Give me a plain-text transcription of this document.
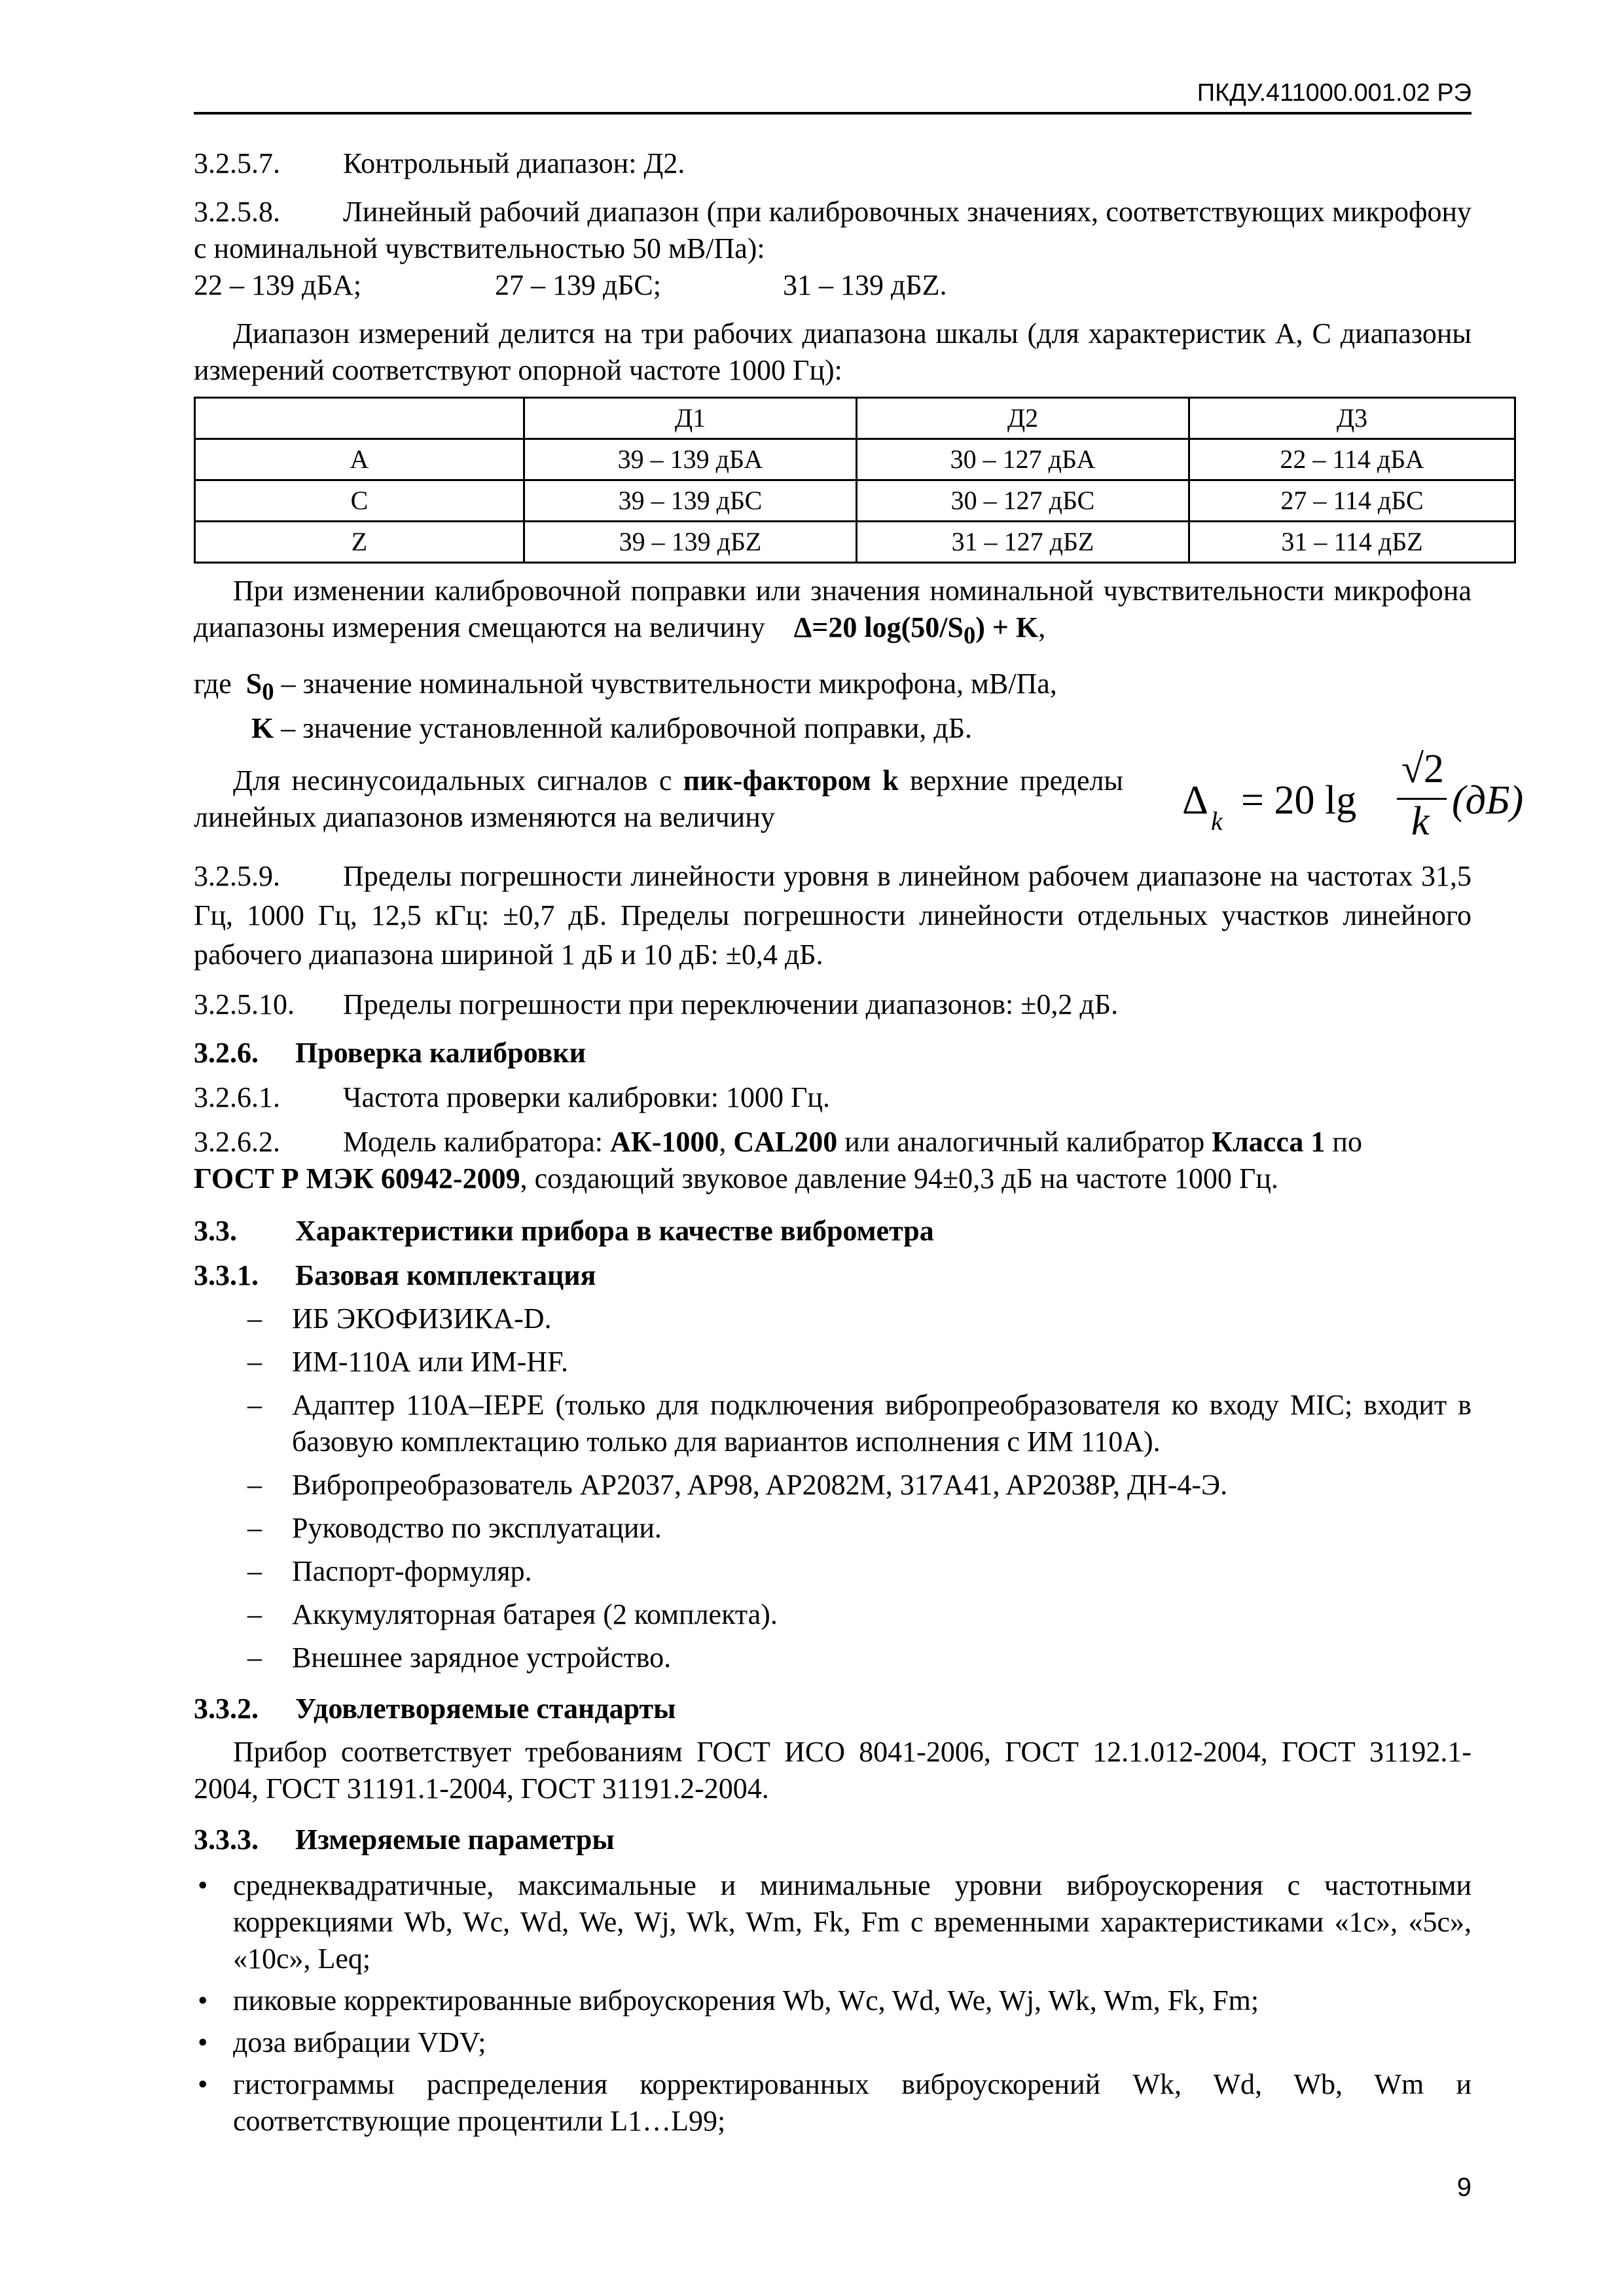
ПКДУ.411000.001.02 РЭ

3.2.5.7. Контрольный диапазон: Д2.

3.2.5.8. Линейный рабочий диапазон (при калибровочных значениях, соответствующих микрофону с номинальной чувствительностью 50 мВ/Па):

22 – 139 дБА;	27 – 139 дБС;	31 – 139 дБZ.

Диапазон измерений делится на три рабочих диапазона шкалы (для характеристик А, С диапазоны измерений соответствуют опорной частоте 1000 Гц):

	Д1	Д2	Д3
A	39 – 139 дБА	30 – 127 дБА	22 – 114 дБА
C	39 – 139 дБС	30 – 127 дБС	27 – 114 дБС
Z	39 – 139 дБZ	31 – 127 дБZ	31 – 114 дБZ

При изменении калибровочной поправки или значения номинальной чувствительности микрофона диапазоны измерения смещаются на величину Δ=20 $\log(50/S_0) + K$,

где $S_0$ – значение номинальной чувствительности микрофона, мВ/Па,

K – значение установленной калибровочной поправки, дБ.

Для несинусоидальных сигналов с пик-фактором k верхние пределы линейных диапазонов изменяются на величину	Δ k = 20 lg
√2
k (дБ)

3.2.5.9. Пределы погрешности линейности уровня в линейном рабочем диапазоне на частотах 31,5 Гц, 1000 Гц, 12,5 кГц: ±0,7 дБ. Пределы погрешности линейности отдельных участков линейного рабочего диапазона шириной 1 дБ и 10 дБ: ±0,4 дБ.

3.2.5.10. Пределы погрешности при переключении диапазонов: ±0,2 дБ.

3.2.6. Проверка калибровки

3.2.6.1. Частота проверки калибровки: 1000 Гц.

3.2.6.2. Модель калибратора: АК-1000, CAL200 или аналогичный калибратор Класса 1 по
ГОСТ Р МЭК 60942-2009, создающий звуковое давление 94±0,3 дБ на частоте 1000 Гц.

3.3. Характеристики прибора в качестве виброметра

3.3.1. Базовая комплектация

– ИБ ЭКОФИЗИКА-D.
– ИМ-110А или ИМ-HF.
– Адаптер 110А–IEPE (только для подключения вибропреобразователя ко входу MIC; входит в базовую комплектацию только для вариантов исполнения с ИМ 110А).
– Вибропреобразователь AP2037, AP98, AP2082M, 317A41, AP2038P, ДН-4-Э.
– Руководство по эксплуатации.
– Паспорт-формуляр.
– Аккумуляторная батарея (2 комплекта).
– Внешнее зарядное устройство.

3.3.2. Удовлетворяемые стандарты

Прибор соответствует требованиям ГОСТ ИСО 8041-2006, ГОСТ 12.1.012-2004, ГОСТ 31192.1-2004, ГОСТ 31191.1-2004, ГОСТ 31191.2-2004.

3.3.3. Измеряемые параметры

• среднеквадратичные, максимальные и минимальные уровни виброускорения с частотными коррекциями Wb, Wc, Wd, We, Wj, Wk, Wm, Fk, Fm с временными характеристиками «1с», «5с», «10с», Leq;
• пиковые корректированные виброускорения Wb, Wc, Wd, We, Wj, Wk, Wm, Fk, Fm;
• доза вибрации VDV;
• гистограммы распределения корректированных виброускорений Wk, Wd, Wb, Wm и соответствующие процентили L1…L99;
9
